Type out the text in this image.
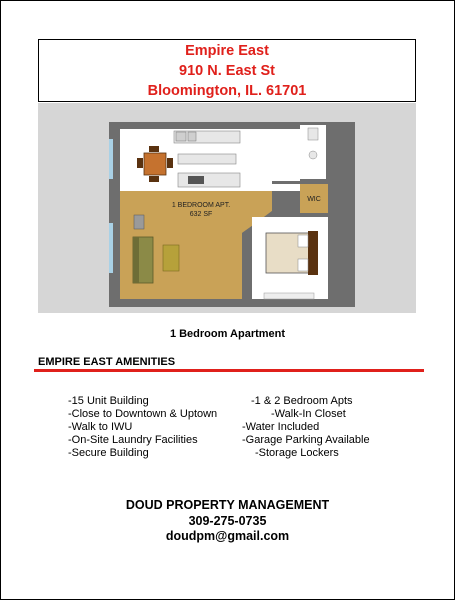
Empire East
910 N. East St
Bloomington, IL. 61701
1 BEDROOM APT.
632 SF
WIC
1 Bedroom Apartment
EMPIRE EAST AMENITIES
-15 Unit Building
-Close to Downtown & Uptown
-Walk to IWU
-On-Site Laundry Facilities
-Secure Building
-1 & 2 Bedroom Apts
-Walk-In Closet
-Water Included
-Garage Parking Available
-Storage Lockers
DOUD PROPERTY MANAGEMENT
309-275-0735
doudpm@gmail.com
